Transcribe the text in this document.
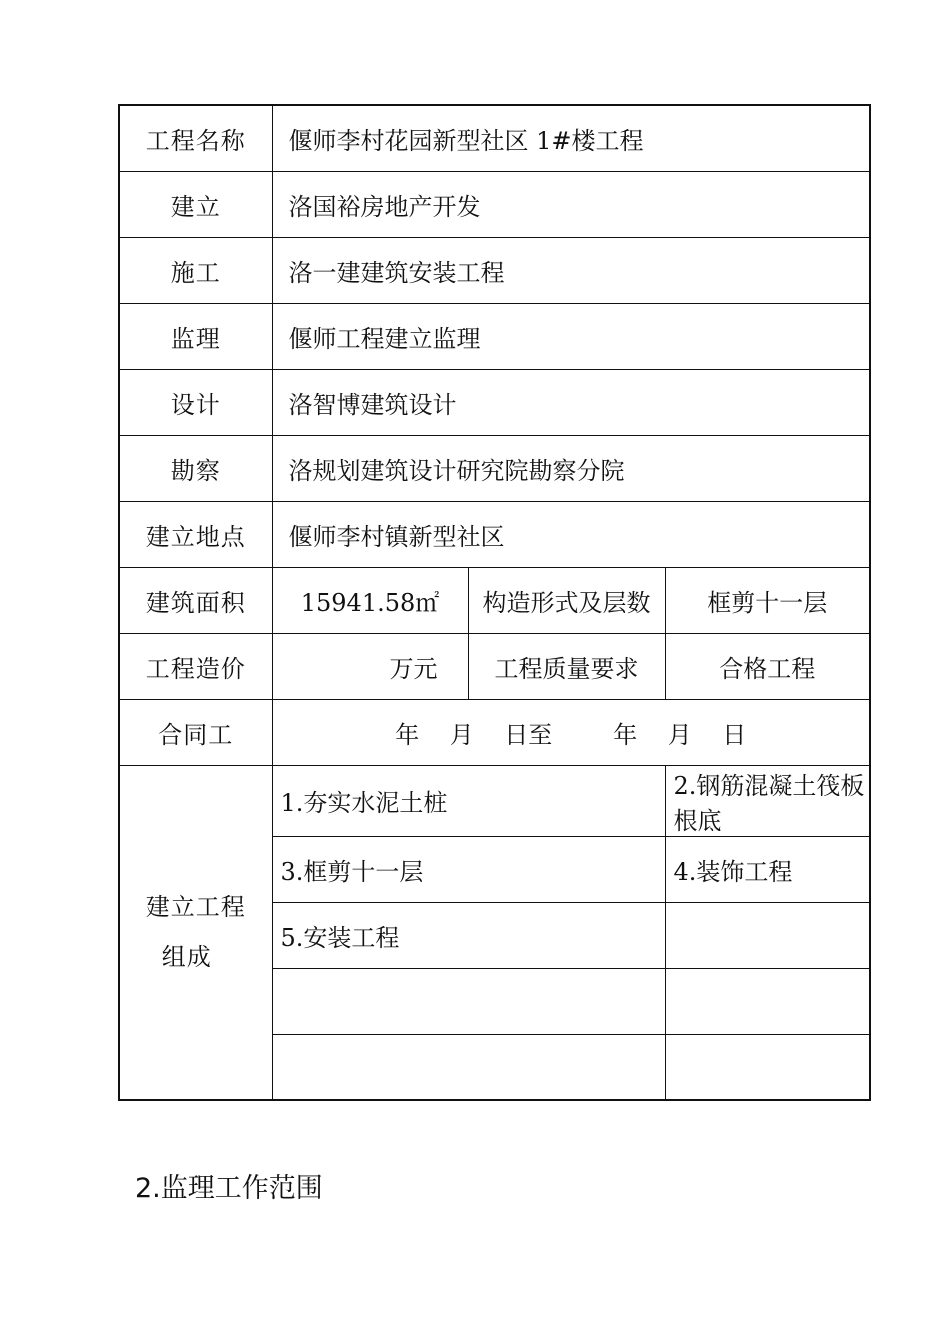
工程名称	偃师李村花园新型社区 1#楼工程		
建立	洛国裕房地产开发		
施工	洛一建建筑安装工程		
监理	偃师工程建立监理		
设计	洛智博建筑设计		
勘察	洛规划建筑设计研究院勘察分院		
建立地点	偃师李村镇新型社区		
建筑面积	15941.58㎡	构造形式及层数	框剪十一层
工程造价	万元	工程质量要求	合格工程
合同工	年    月    日至        年    月    日		

建立工程
组成	1.夯实水泥土桩		2.钢筋混凝土筏板根底
	3.框剪十一层		4.装饰工程
	5.安装工程		

2.监理工作范围
